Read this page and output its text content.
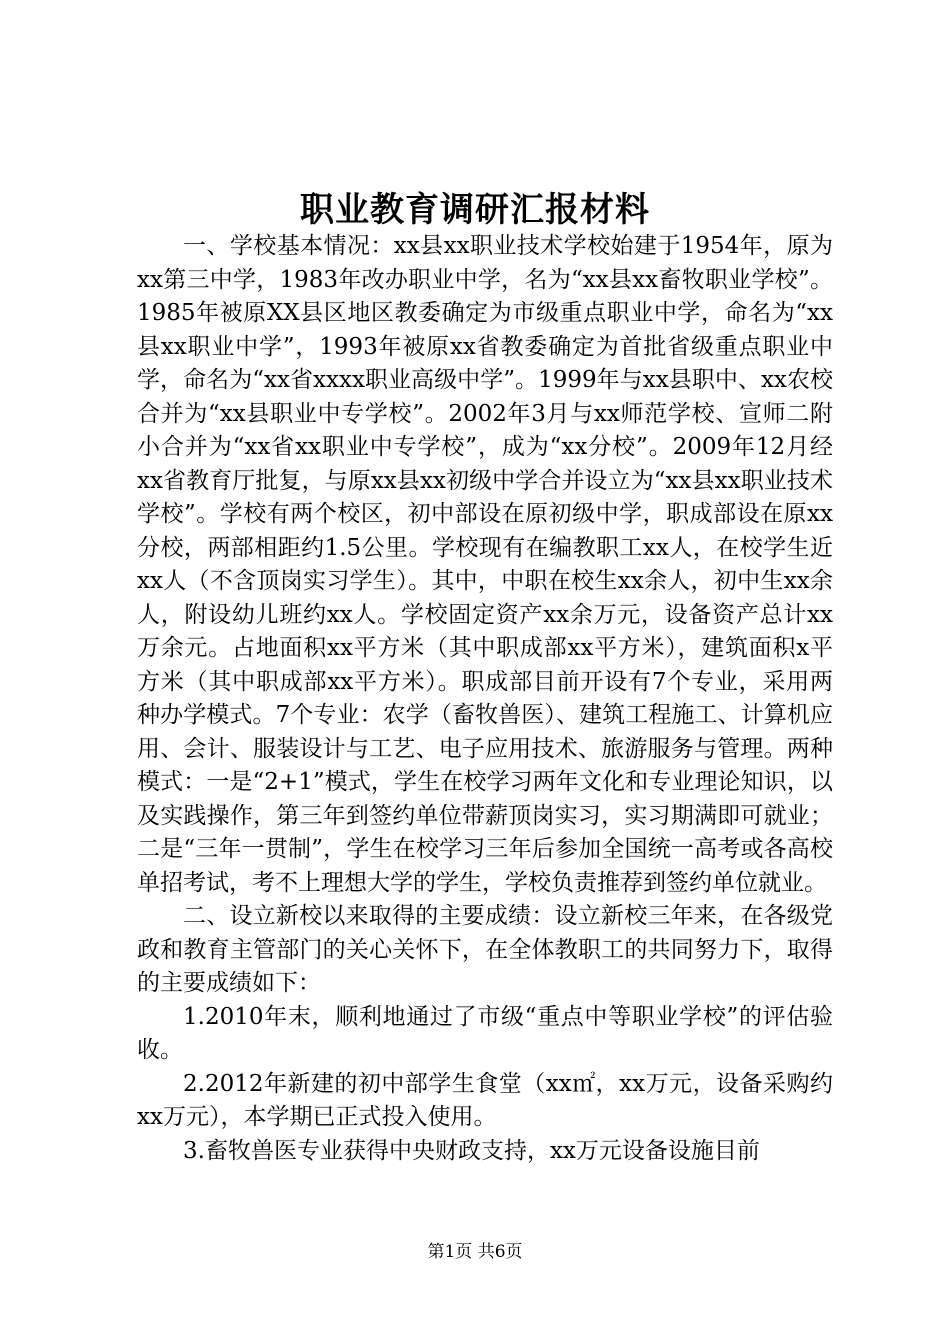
职业教育调研汇报材料

一、学校基本情况：xx县xx职业技术学校始建于1954年，原为xx第三中学，1983年改办职业中学，名为“xx县xx畜牧职业学校”。1985年被原XX县区地区教委确定为市级重点职业中学，命名为“xx县xx职业中学”，1993年被原xx省教委确定为首批省级重点职业中学，命名为“xx省xxxx职业高级中学”。1999年与xx县职中、xx农校合并为“xx县职业中专学校”。2002年3月与xx师范学校、宣师二附小合并为“xx省xx职业中专学校”，成为“xx分校”。2009年12月经xx省教育厅批复，与原xx县xx初级中学合并设立为“xx县xx职业技术学校”。学校有两个校区，初中部设在原初级中学，职成部设在原xx分校，两部相距约1.5公里。学校现有在编教职工xx人，在校学生近xx人（不含顶岗实习学生）。其中，中职在校生xx余人，初中生xx余人，附设幼儿班约xx人。学校固定资产xx余万元，设备资产总计xx万余元。占地面积xx平方米（其中职成部xx平方米），建筑面积x平方米（其中职成部xx平方米）。职成部目前开设有7个专业，采用两种办学模式。7个专业：农学（畜牧兽医）、建筑工程施工、计算机应用、会计、服装设计与工艺、电子应用技术、旅游服务与管理。两种模式：一是“2+1”模式，学生在校学习两年文化和专业理论知识，以及实践操作，第三年到签约单位带薪顶岗实习，实习期满即可就业；二是“三年一贯制”，学生在校学习三年后参加全国统一高考或各高校单招考试，考不上理想大学的学生，学校负责推荐到签约单位就业。

二、设立新校以来取得的主要成绩：设立新校三年来，在各级党政和教育主管部门的关心关怀下，在全体教职工的共同努力下，取得的主要成绩如下：

1.2010年末，顺利地通过了市级“重点中等职业学校”的评估验收。

2.2012年新建的初中部学生食堂（xx㎡，xx万元，设备采购约xx万元），本学期已正式投入使用。

3.畜牧兽医专业获得中央财政支持，xx万元设备设施目前

第1页 共6页
